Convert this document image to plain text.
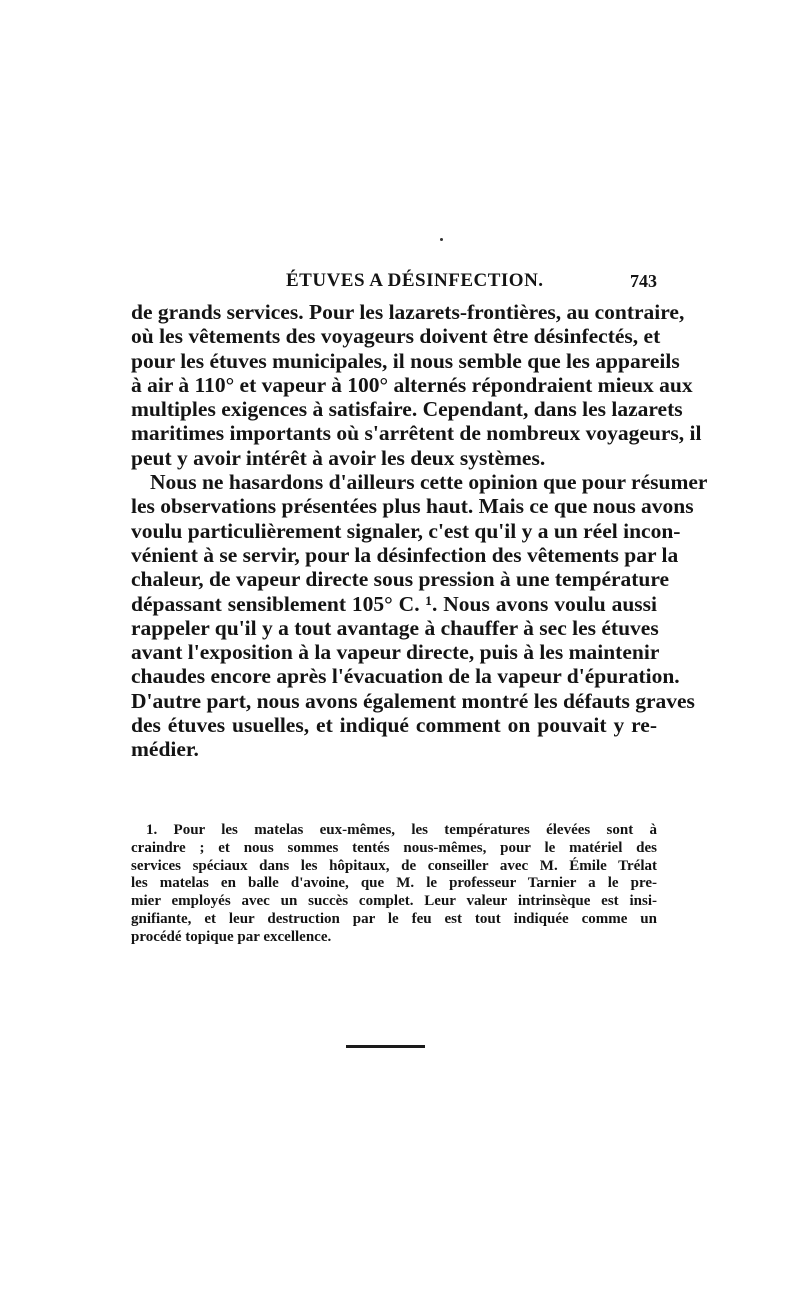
ÉTUVES A DÉSINFECTION.	743
de grands services. Pour les lazarets-frontières, au contraire,
où les vêtements des voyageurs doivent être désinfectés, et
pour les étuves municipales, il nous semble que les appareils
à air à 110° et vapeur à 100° alternés répondraient mieux aux
multiples exigences à satisfaire. Cependant, dans les lazarets
maritimes importants où s'arrêtent de nombreux voyageurs, il
peut y avoir intérêt à avoir les deux systèmes.
Nous ne hasardons d'ailleurs cette opinion que pour résumer
les observations présentées plus haut. Mais ce que nous avons
voulu particulièrement signaler, c'est qu'il y a un réel incon-
vénient à se servir, pour la désinfection des vêtements par la
chaleur, de vapeur directe sous pression à une température
dépassant sensiblement 105° C. ¹. Nous avons voulu aussi
rappeler qu'il y a tout avantage à chauffer à sec les étuves
avant l'exposition à la vapeur directe, puis à les maintenir
chaudes encore après l'évacuation de la vapeur d'épuration.
D'autre part, nous avons également montré les défauts graves
des étuves usuelles, et indiqué comment on pouvait y re-
médier.
1. Pour les matelas eux-mêmes, les températures élevées sont à
craindre ; et nous sommes tentés nous-mêmes, pour le matériel des
services spéciaux dans les hôpitaux, de conseiller avec M. Émile Trélat
les matelas en balle d'avoine, que M. le professeur Tarnier a le pre-
mier employés avec un succès complet. Leur valeur intrinsèque est insi-
gnifiante, et leur destruction par le feu est tout indiquée comme un
procédé topique par excellence.
